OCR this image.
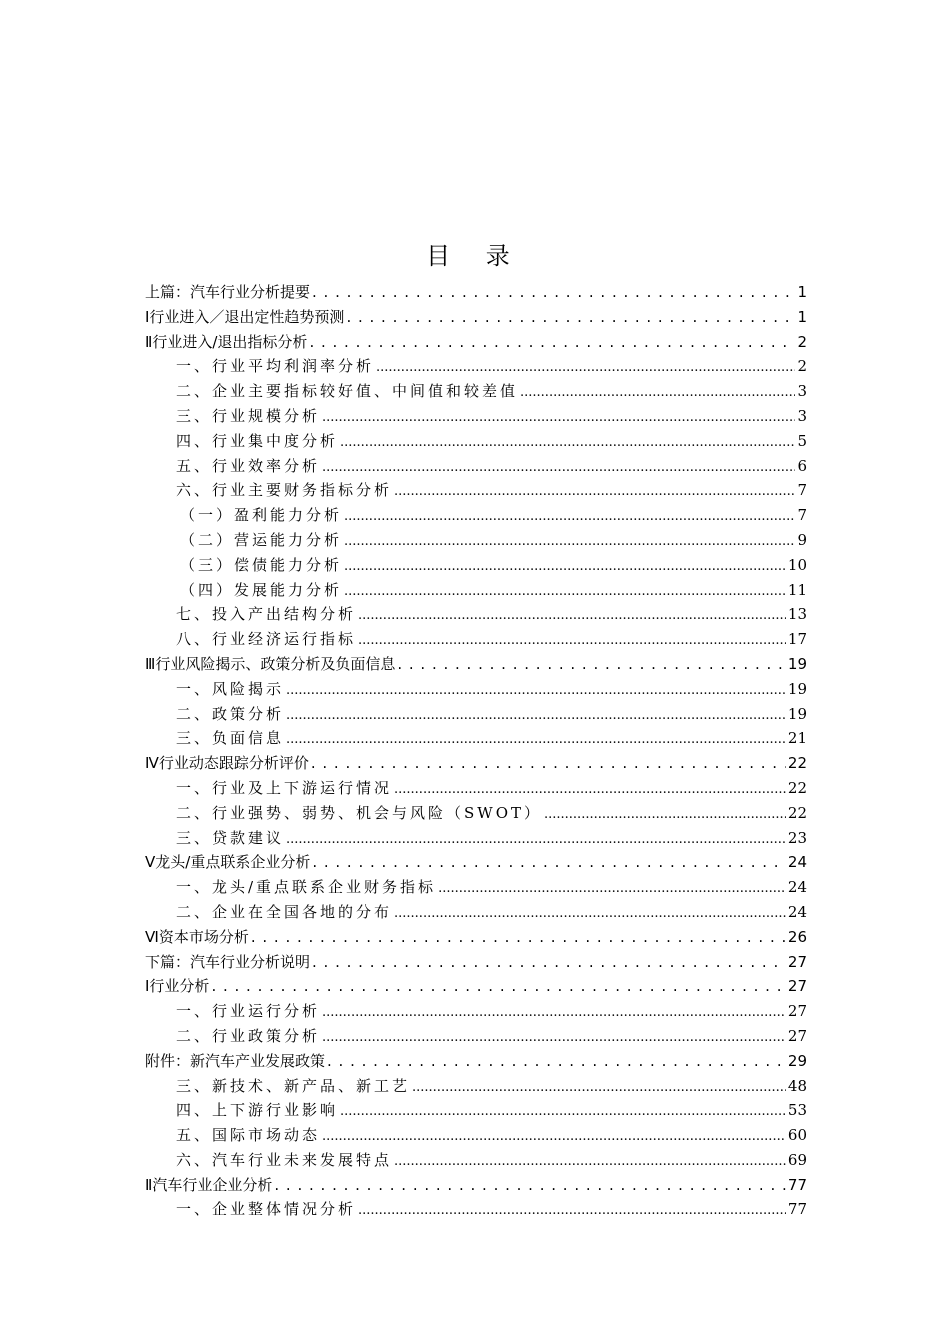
目 录
上篇：汽车行业分析提要 . . .	1
Ⅰ行业进入／退出定性趋势预测 . . .	1
Ⅱ行业进入/退出指标分析 . . .	2
一、行业平均利润率分析 .....	2
二、企业主要指标较好值、中间值和较差值 .....	3
三、行业规模分析 .....	3
四、行业集中度分析 .....	5
五、行业效率分析 .....	6
六、行业主要财务指标分析 .....	7
（一）盈利能力分析 .....	7
（二）营运能力分析 .....	9
（三）偿债能力分析 .....	10
（四）发展能力分析 .....	11
七、投入产出结构分析 .....	13
八、行业经济运行指标 .....	17
Ⅲ行业风险揭示、政策分析及负面信息 . . .	19
一、风险揭示 .....	19
二、政策分析 .....	19
三、负面信息 .....	21
Ⅳ行业动态跟踪分析评价 . . .	22
一、行业及上下游运行情况 .....	22
二、行业强势、弱势、机会与风险（SWOT） .....	22
三、贷款建议 .....	23
Ⅴ龙头/重点联系企业分析 . . .	24
一、龙头/重点联系企业财务指标 .....	24
二、企业在全国各地的分布 .....	24
Ⅵ资本市场分析 . . .	26
下篇：汽车行业分析说明 . . .	27
Ⅰ行业分析 . . .	27
一、行业运行分析 .....	27
二、行业政策分析 .....	27
附件：新汽车产业发展政策 . . .	29
三、新技术、新产品、新工艺 .....	48
四、上下游行业影响 .....	53
五、国际市场动态 .....	60
六、汽车行业未来发展特点 .....	69
Ⅱ汽车行业企业分析 . . .	77
一、企业整体情况分析 .....	77
